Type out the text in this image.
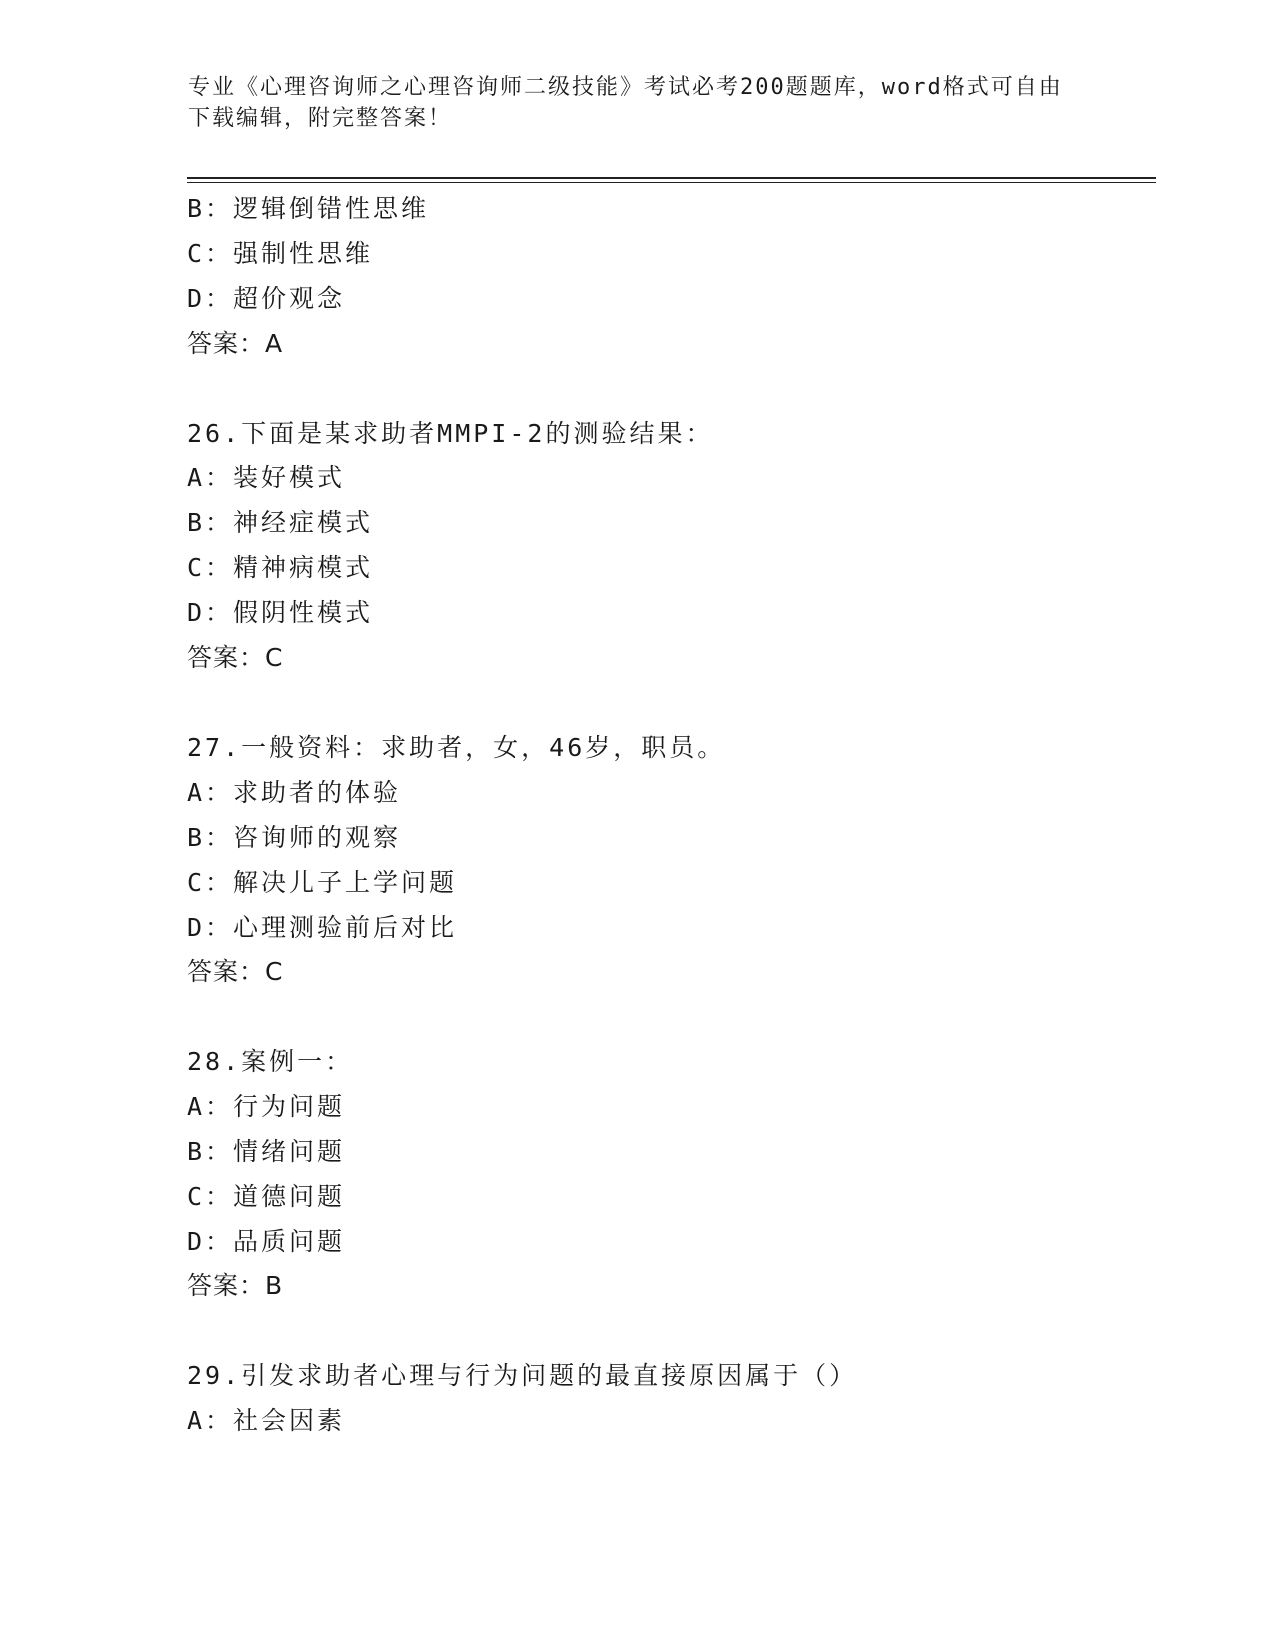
专业《心理咨询师之心理咨询师二级技能》考试必考200题题库，word格式可自由下载编辑，附完整答案！
B：逻辑倒错性思维
C：强制性思维
D：超价观念
答案：A
26.下面是某求助者MMPI-2的测验结果：
A：装好模式
B：神经症模式
C：精神病模式
D：假阴性模式
答案：C
27.一般资料：求助者，女，46岁，职员。
A：求助者的体验
B：咨询师的观察
C：解决儿子上学问题
D：心理测验前后对比
答案：C
28.案例一：
A：行为问题
B：情绪问题
C：道德问题
D：品质问题
答案：B
29.引发求助者心理与行为问题的最直接原因属于（）
A：社会因素
